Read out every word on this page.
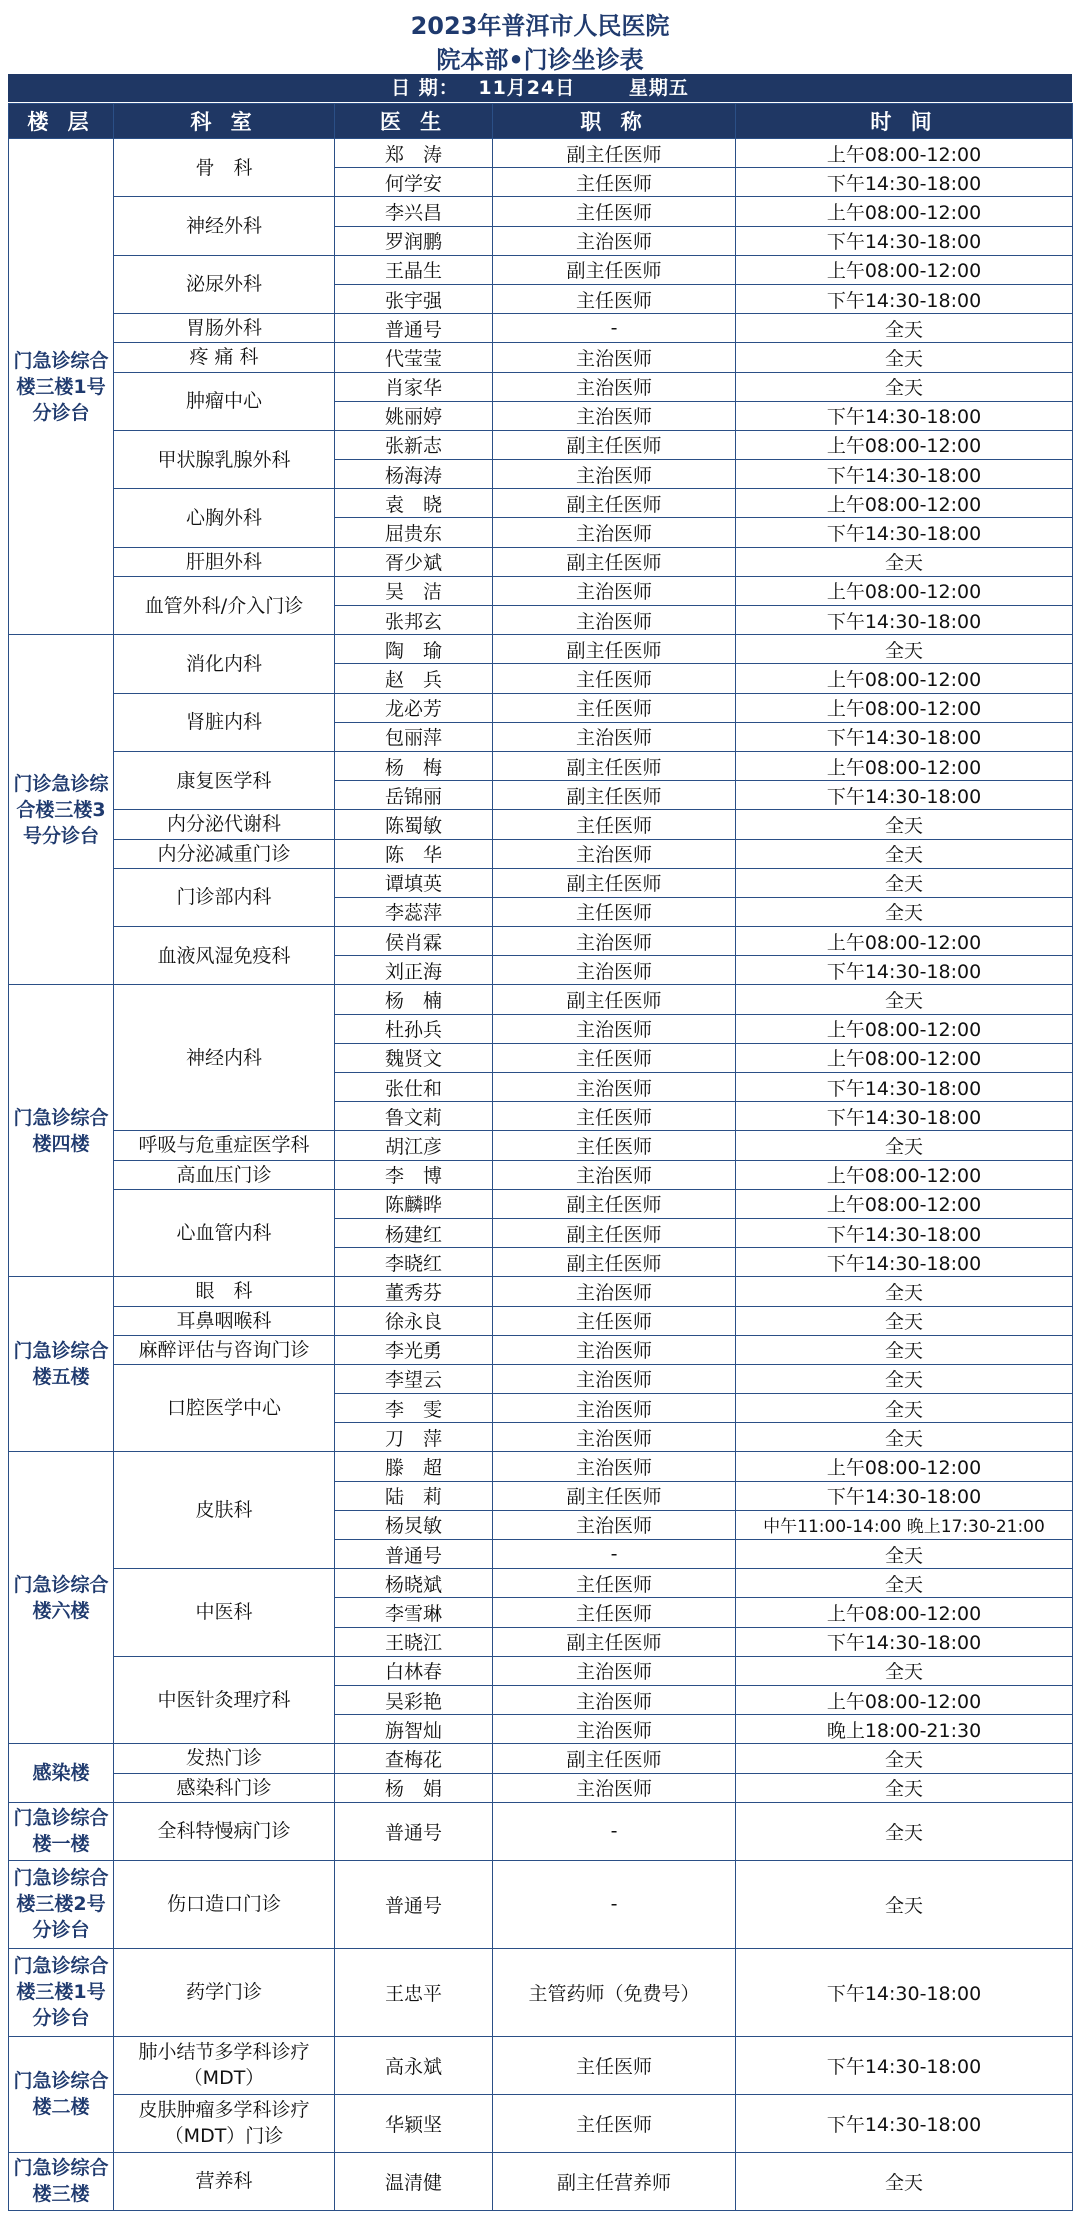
2023年普洱市人民医院
院本部•门诊坐诊表
日 期： 11月24日	星期五
楼 层	科 室	医 生	职 称	时 间
门急诊综合楼三楼1号分诊台	骨　科	郑　涛	副主任医师	上午08:00-12:00
		何学安	主任医师	下午14:30-18:00
	神经外科	李兴昌	主任医师	上午08:00-12:00
		罗润鹏	主治医师	下午14:30-18:00
	泌尿外科	王晶生	副主任医师	上午08:00-12:00
		张宇强	主任医师	下午14:30-18:00
	胃肠外科	普通号	-	全天
	疼 痛 科	代莹莹	主治医师	全天
	肿瘤中心	肖家华	主治医师	全天
		姚丽婷	主治医师	下午14:30-18:00
	甲状腺乳腺外科	张新志	副主任医师	上午08:00-12:00
		杨海涛	主治医师	下午14:30-18:00
	心胸外科	袁　晓	副主任医师	上午08:00-12:00
		屈贵东	主治医师	下午14:30-18:00
	肝胆外科	胥少斌	副主任医师	全天
	血管外科/介入门诊	吴　洁	主治医师	上午08:00-12:00
		张邦玄	主治医师	下午14:30-18:00
门诊急诊综合楼三楼3号分诊台	消化内科	陶　瑜	副主任医师	全天
		赵　兵	主任医师	上午08:00-12:00
	肾脏内科	龙必芳	主任医师	上午08:00-12:00
		包丽萍	主治医师	下午14:30-18:00
	康复医学科	杨　梅	副主任医师	上午08:00-12:00
		岳锦丽	副主任医师	下午14:30-18:00
	内分泌代谢科	陈蜀敏	主任医师	全天
	内分泌减重门诊	陈　华	主治医师	全天
	门诊部内科	谭填英	副主任医师	全天
		李蕊萍	主任医师	全天
	血液风湿免疫科	侯肖霖	主治医师	上午08:00-12:00
		刘正海	主治医师	下午14:30-18:00
门急诊综合楼四楼	神经内科	杨　楠	副主任医师	全天
		杜孙兵	主治医师	上午08:00-12:00
		魏贤文	主任医师	上午08:00-12:00
		张仕和	主治医师	下午14:30-18:00
		鲁文莉	主任医师	下午14:30-18:00
	呼吸与危重症医学科	胡江彦	主任医师	全天
	高血压门诊	李　博	主治医师	上午08:00-12:00
	心血管内科	陈麟晔	副主任医师	上午08:00-12:00
		杨建红	副主任医师	下午14:30-18:00
		李晓红	副主任医师	下午14:30-18:00
门急诊综合楼五楼	眼　科	董秀芬	主治医师	全天
	耳鼻咽喉科	徐永良	主任医师	全天
	麻醉评估与咨询门诊	李光勇	主治医师	全天
	口腔医学中心	李望云	主治医师	全天
		李　雯	主治医师	全天
		刀　萍	主治医师	全天
门急诊综合楼六楼	皮肤科	滕　超	主治医师	上午08:00-12:00
		陆　莉	副主任医师	下午14:30-18:00
		杨炅敏	主治医师	中午11:00-14:00 晚上17:30-21:00
		普通号	-	全天
	中医科	杨晓斌	主任医师	全天
		李雪琳	主任医师	上午08:00-12:00
		王晓江	副主任医师	下午14:30-18:00
	中医针灸理疗科	白林春	主治医师	全天
		吴彩艳	主治医师	上午08:00-12:00
		旃智灿	主治医师	晚上18:00-21:30
感染楼	发热门诊	查梅花	副主任医师	全天
	感染科门诊	杨　娟	主治医师	全天
门急诊综合楼一楼	全科特慢病门诊	普通号	-	全天
门急诊综合楼三楼2号分诊台	伤口造口门诊	普通号	-	全天
门急诊综合楼三楼1号分诊台	药学门诊	王忠平	主管药师（免费号）	下午14:30-18:00
门急诊综合楼二楼	肺小结节多学科诊疗（MDT）	高永斌	主任医师	下午14:30-18:00
	皮肤肿瘤多学科诊疗（MDT）门诊	华颖坚	主任医师	下午14:30-18:00
门急诊综合楼三楼	营养科	温清健	副主任营养师	全天
